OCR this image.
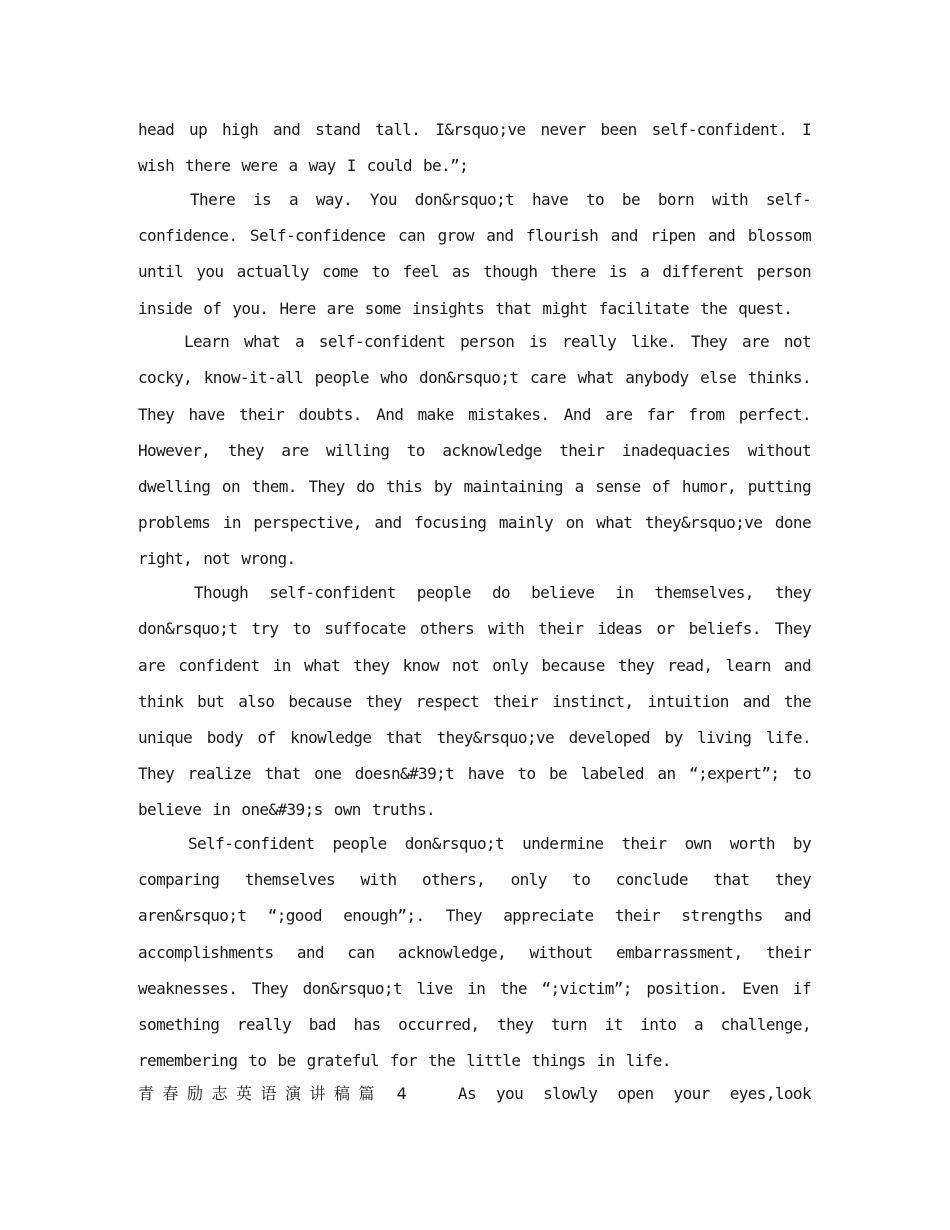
head up high and stand tall. I&rsquo;ve never been self-confident. I wish there were a way I could be.”;

There is a way. You don&rsquo;t have to be born with self-confidence. Self-confidence can grow and flourish and ripen and blossom until you actually come to feel as though there is a different person inside of you. Here are some insights that might facilitate the quest.

Learn what a self-confident person is really like. They are not cocky, know-it-all people who don&rsquo;t care what anybody else thinks. They have their doubts. And make mistakes. And are far from perfect. However, they are willing to acknowledge their inadequacies without dwelling on them. They do this by maintaining a sense of humor, putting problems in perspective, and focusing mainly on what they&rsquo;ve done right, not wrong.

Though self-confident people do believe in themselves, they don&rsquo;t try to suffocate others with their ideas or beliefs. They are confident in what they know not only because they read, learn and think but also because they respect their instinct, intuition and the unique body of knowledge that they&rsquo;ve developed by living life. They realize that one doesn&#39;t have to be labeled an “;expert”; to believe in one&#39;s own truths.

Self-confident people don&rsquo;t undermine their own worth by comparing themselves with others, only to conclude that they aren&rsquo;t “;good enough”;. They appreciate their strengths and accomplishments and can acknowledge, without embarrassment, their weaknesses. They don&rsquo;t live in the “;victim”; position. Even if something really bad has occurred, they turn it into a challenge, remembering to be grateful for the little things in life.

青春励志英语演讲稿篇 4	As you slowly open your eyes,look
